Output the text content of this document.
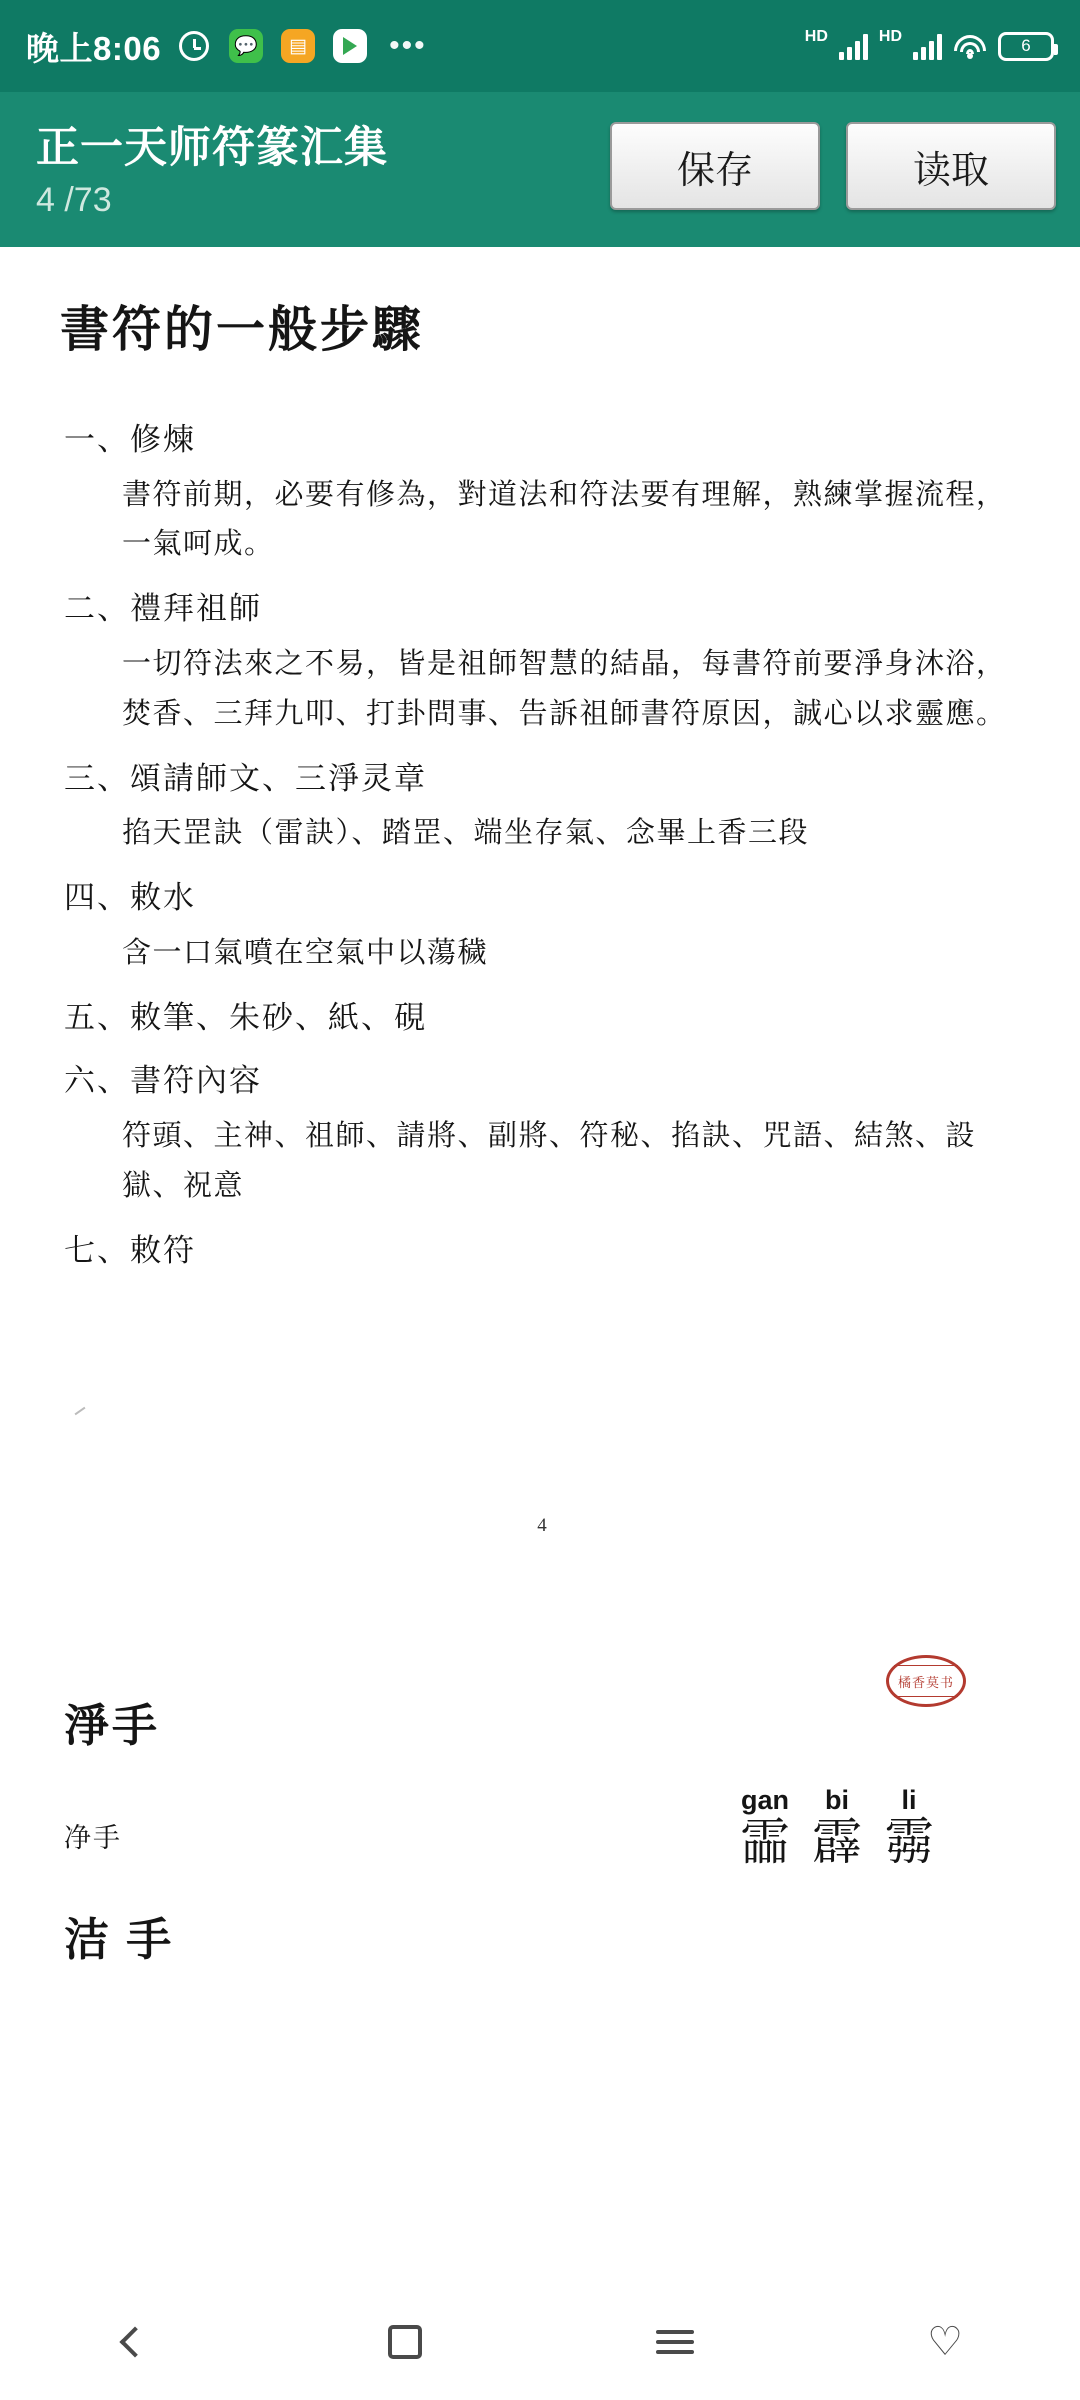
晚上8:06	💬	▤	•••	HD	HD	6
正一天师符篆汇集
4 /73
保存	读取
書符的一般步驟
一、修煉
書符前期，必要有修為，對道法和符法要有理解，熟練掌握流程，一氣呵成。
二、禮拜祖師
一切符法來之不易，皆是祖師智慧的結晶，每書符前要淨身沐浴，焚香、三拜九叩、打卦問事、告訴祖師書符原因，誠心以求靈應。
三、頌請師文、三淨灵章
掐天罡訣（雷訣）、踏罡、端坐存氣、念畢上香三段
四、敕水
含一口氣噴在空氣中以蕩穢
五、敕筆、朱砂、紙、硯
六、書符內容
符頭、主神、祖師、請將、副將、符秘、掐訣、咒語、結煞、設獄、祝意
七、敕符
4
橘香莫书
淨手
净手
gan
霝
bi
霹
li
霛
洁 手
♡
